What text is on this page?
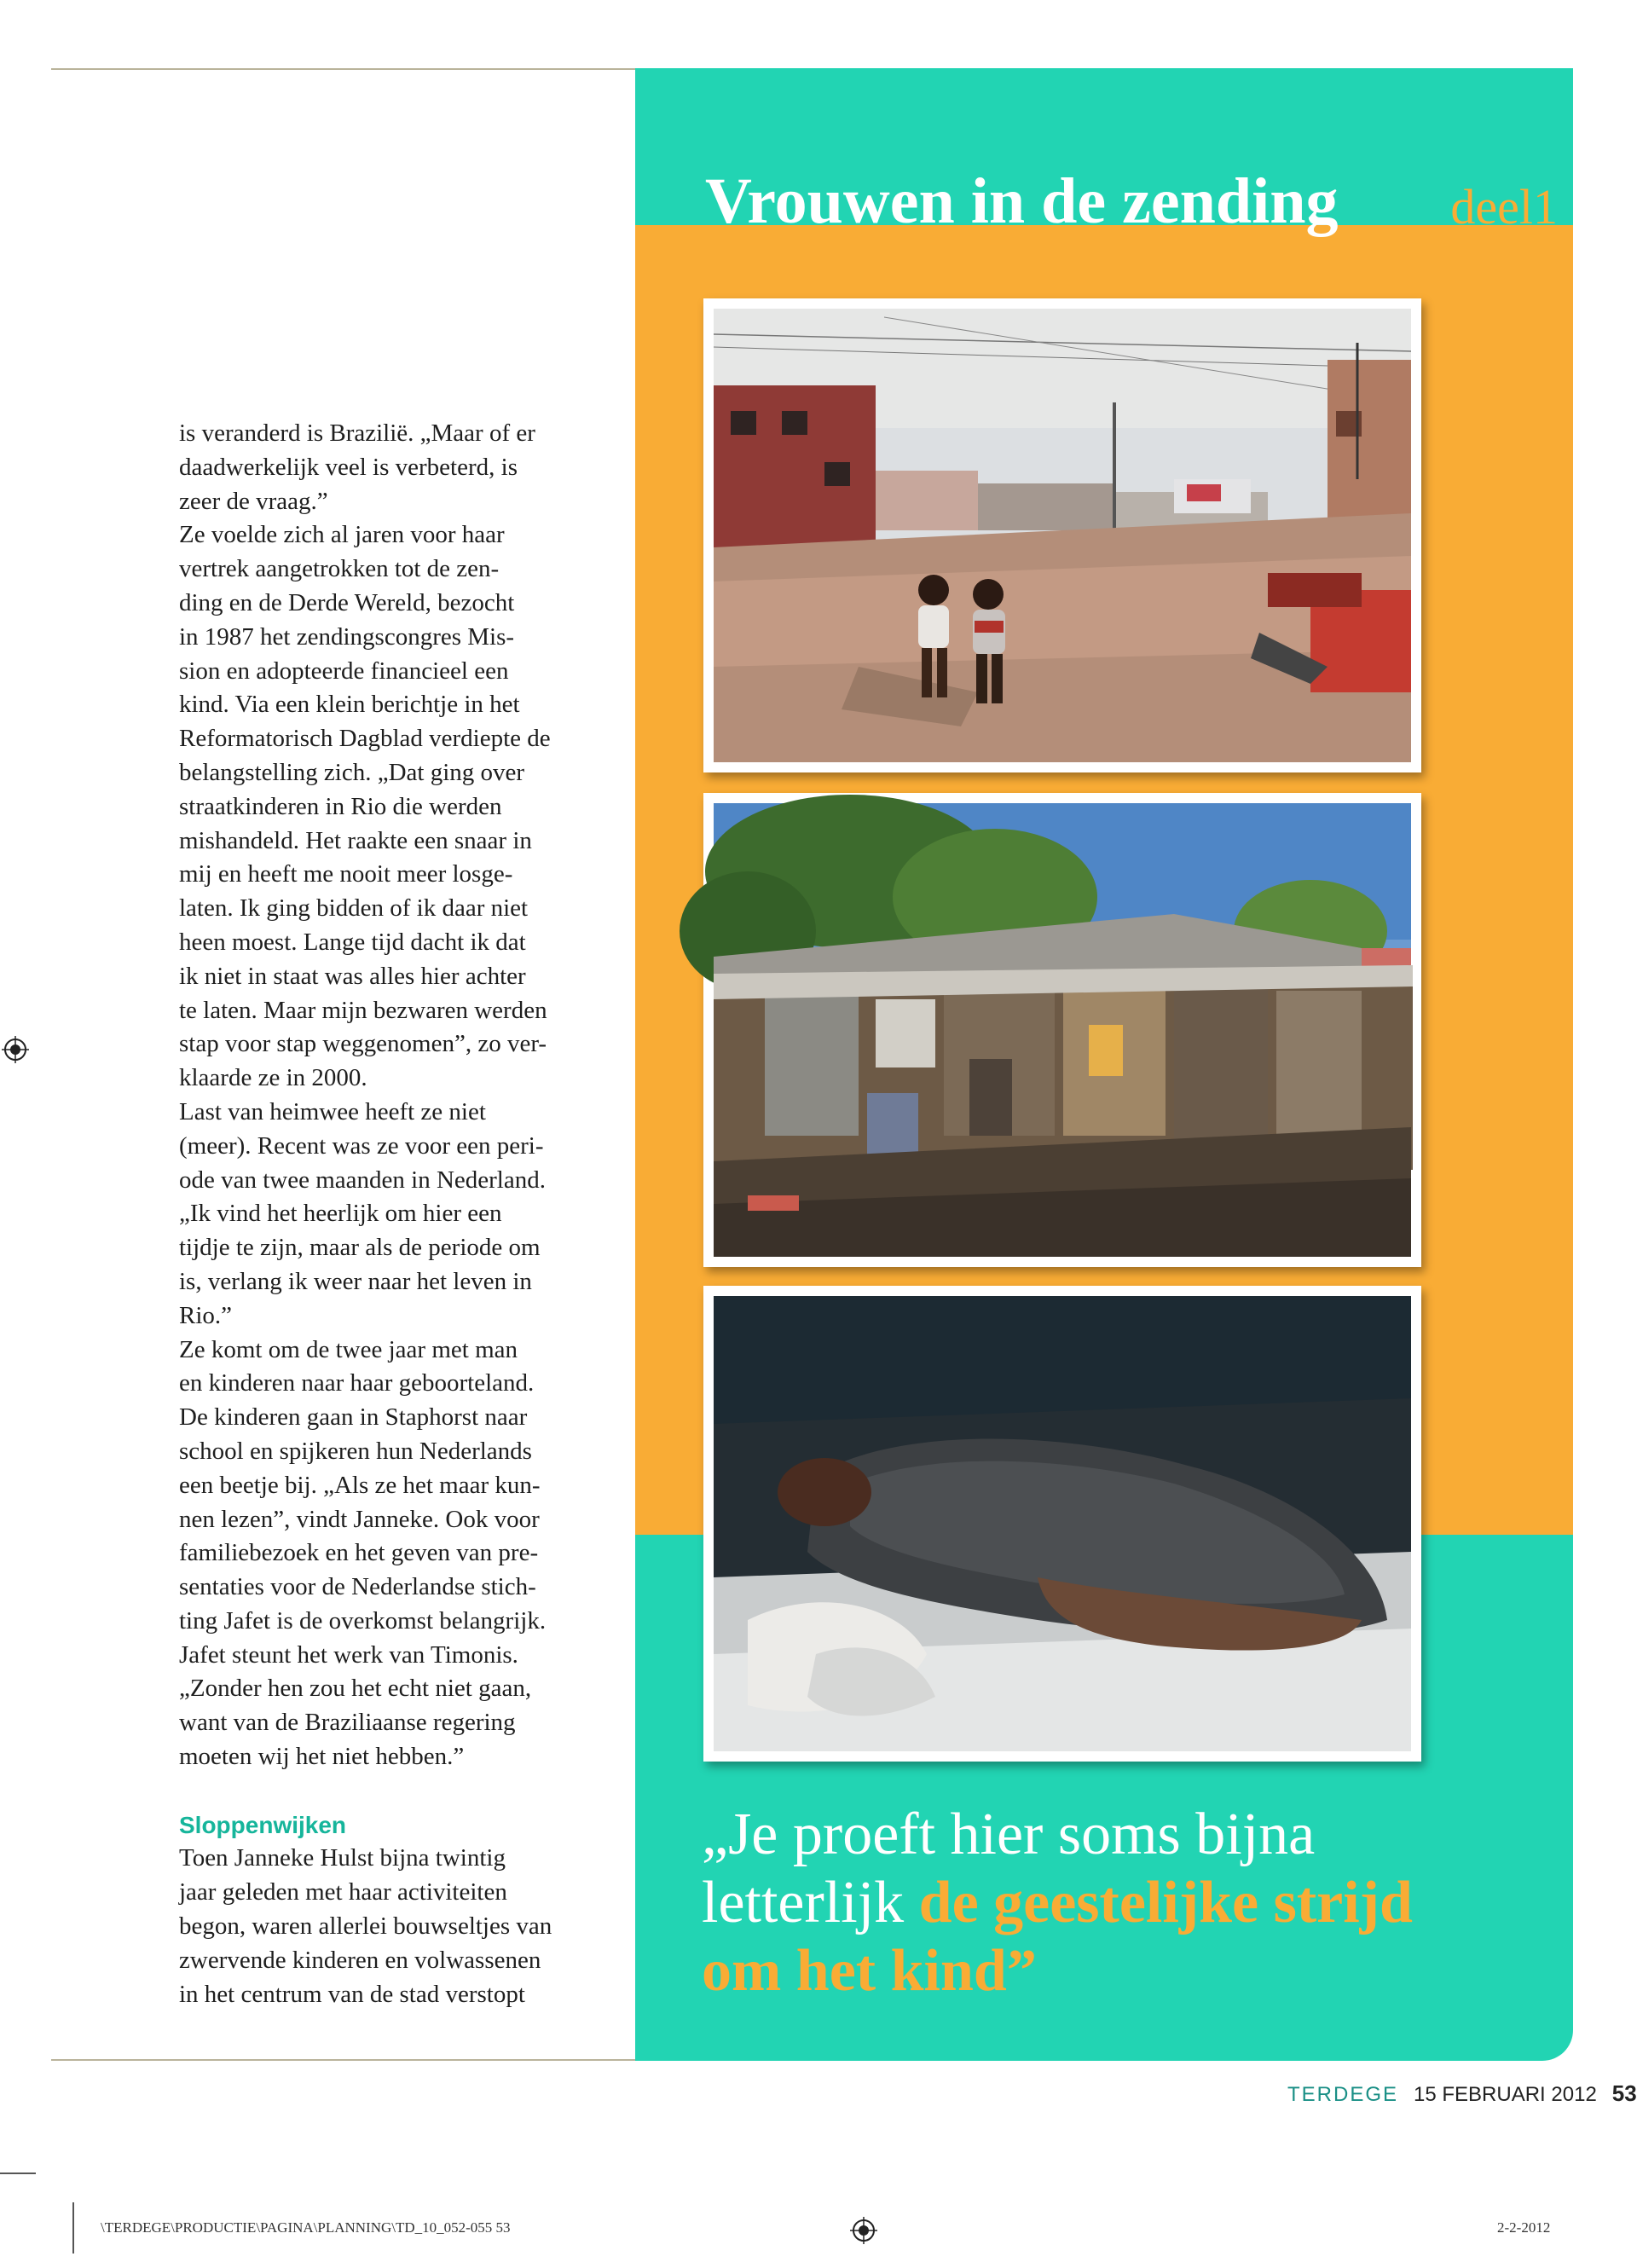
Vrouwen in de zending deel1
„Je proeft hier soms bijna
letterlijk de geestelijke strijd
om het kind”

is veranderd is Brazilië. „Maar of er

daadwerkelijk veel is verbeterd, is

zeer de vraag.”

Ze voelde zich al jaren voor haar

vertrek aangetrokken tot de zen-

ding en de Derde Wereld, bezocht

in 1987 het zendingscongres Mis-

sion en adopteerde financieel een

kind. Via een klein berichtje in het

Reformatorisch Dagblad verdiepte de

belangstelling zich. „Dat ging over

straatkinderen in Rio die werden

mishandeld. Het raakte een snaar in

mij en heeft me nooit meer losge-

laten. Ik ging bidden of ik daar niet

heen moest. Lange tijd dacht ik dat

ik niet in staat was alles hier achter

te laten. Maar mijn bezwaren werden

stap voor stap weggenomen”, zo ver-

klaarde ze in 2000.

Last van heimwee heeft ze niet

(meer). Recent was ze voor een peri-

ode van twee maanden in Nederland.

„Ik vind het heerlijk om hier een

tijdje te zijn, maar als de periode om

is, verlang ik weer naar het leven in

Rio.”

Ze komt om de twee jaar met man

en kinderen naar haar geboorteland.

De kinderen gaan in Staphorst naar

school en spijkeren hun Nederlands

een beetje bij. „Als ze het maar kun-

nen lezen”, vindt Janneke. Ook voor

familiebezoek en het geven van pre-

sentaties voor de Nederlandse stich-

ting Jafet is de overkomst belangrijk.

Jafet steunt het werk van Timonis.

„Zonder hen zou het echt niet gaan,

want van de Braziliaanse regering

moeten wij het niet hebben.”

Sloppenwijken

Toen Janneke Hulst bijna twintig

jaar geleden met haar activiteiten

begon, waren allerlei bouwseltjes van

zwervende kinderen en volwassenen

in het centrum van de stad verstopt

TERDEGE 15 FEBRUARI 2012 53
\TERDEGE\PRODUCTIE\PAGINA\PLANNING\TD_10_052-055 53	2-2-2012
